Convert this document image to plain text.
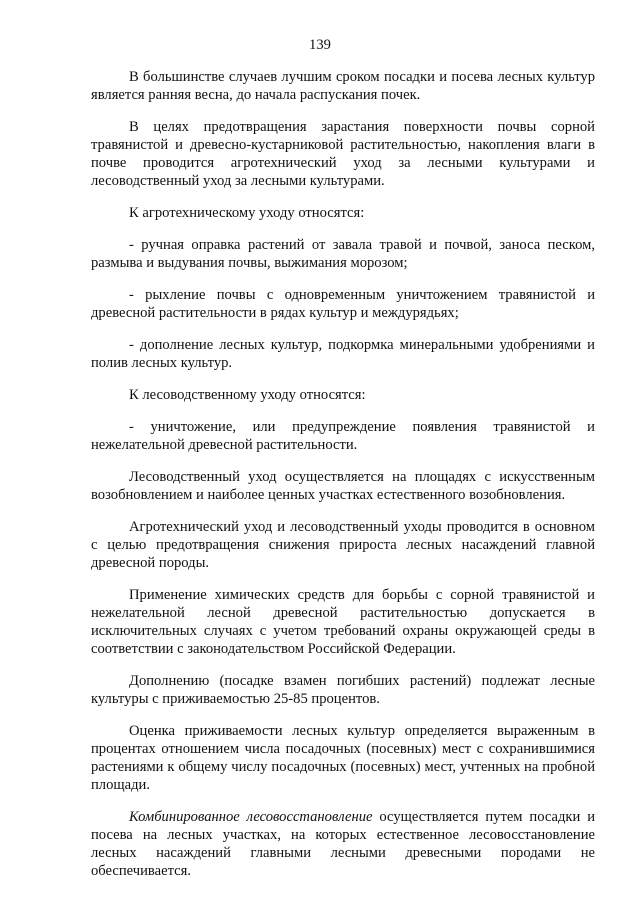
139

В большинстве случаев лучшим сроком посадки и посева лесных культур является ранняя весна, до начала распускания почек.

В целях предотвращения зарастания поверхности почвы сорной травянистой и древесно-кустарниковой растительностью, накопления влаги в почве проводится агротехнический уход за лесными культурами и лесоводственный уход за лесными культурами.

К агротехническому уходу относятся:

- ручная оправка растений от завала травой и почвой, заноса песком, размыва и выдувания почвы, выжимания морозом;

- рыхление почвы с одновременным уничтожением травянистой и древесной растительности в рядах культур и междурядьях;

- дополнение лесных культур, подкормка минеральными удобрениями и полив лесных культур.

К лесоводственному уходу относятся:

- уничтожение, или предупреждение появления травянистой и нежелательной древесной растительности.

Лесоводственный уход осуществляется на площадях с искусственным возобновлением и наиболее ценных участках естественного возобновления.

Агротехнический уход и лесоводственный уходы проводится в основном с целью предотвращения снижения прироста лесных насаждений главной древесной породы.

Применение химических средств для борьбы с сорной травянистой и нежелательной лесной древесной растительностью допускается в исключительных случаях с учетом требований охраны окружающей среды в соответствии с законодательством Российской Федерации.

Дополнению (посадке взамен погибших растений) подлежат лесные культуры с приживаемостью 25-85 процентов.

Оценка приживаемости лесных культур определяется выраженным в процентах отношением числа посадочных (посевных) мест с сохранившимися растениями к общему числу посадочных (посевных) мест, учтенных на пробной площади.

Комбинированное лесовосстановление осуществляется путем посадки и посева на лесных участках, на которых естественное лесовосстановление лесных насаждений главными лесными древесными породами не обеспечивается.
